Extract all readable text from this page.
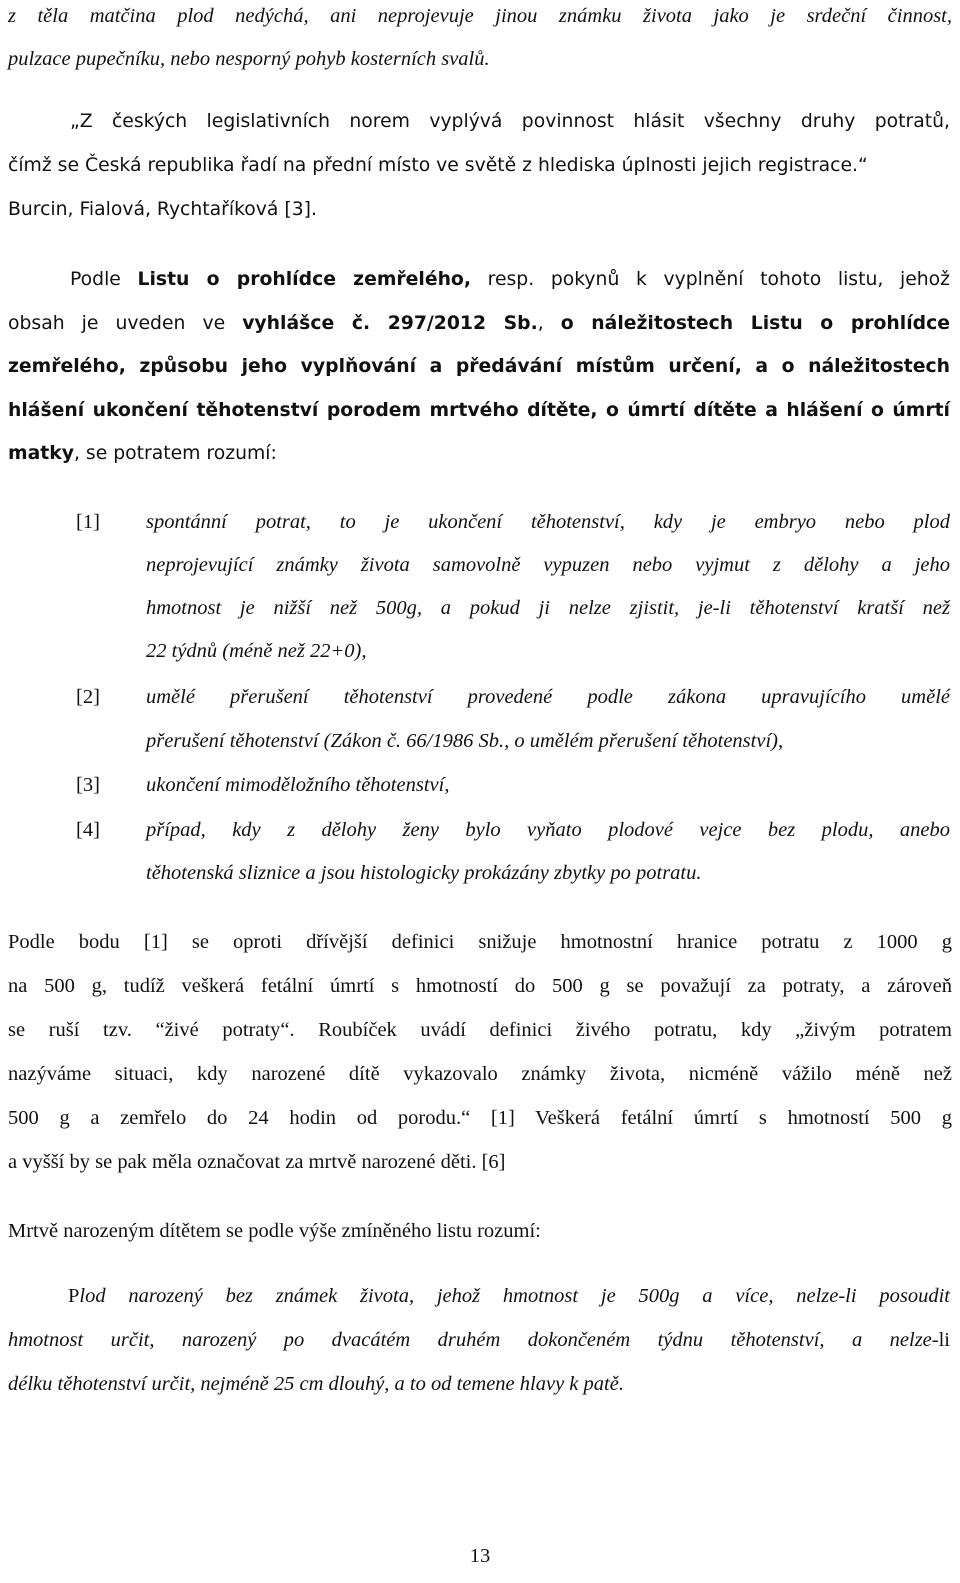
z těla matčina plod nedýchá, ani neprojevuje jinou známku života jako je srdeční činnost,
pulzace pupečníku, nebo nesporný pohyb kosterních svalů.
„Z českých legislativních norem vyplývá povinnost hlásit všechny druhy potratů,
čímž se Česká republika řadí na přední místo ve světě z hlediska úplnosti jejich registrace.“
Burcin, Fialová, Rychtaříková [3].
Podle Listu o prohlídce zemřelého, resp. pokynů k vyplnění tohoto listu, jehož
obsah je uveden ve vyhlášce č. 297/2012 Sb., o náležitostech Listu o prohlídce
zemřelého, způsobu jeho vyplňování a předávání místům určení, a o náležitostech
hlášení ukončení těhotenství porodem mrtvého dítěte, o úmrtí dítěte a hlášení o úmrtí
matky, se potratem rozumí:
[1] spontánní potrat, to je ukončení těhotenství, kdy je embryo nebo plod
neprojevující známky života samovolně vypuzen nebo vyjmut z dělohy a jeho
hmotnost je nižší než 500g, a pokud ji nelze zjistit, je-li těhotenství kratší než
22 týdnů (méně než 22+0),
[2] umělé přerušení těhotenství provedené podle zákona upravujícího umělé
přerušení těhotenství (Zákon č. 66/1986 Sb., o umělém přerušení těhotenství),
[3] ukončení mimoděložního těhotenství,
[4] případ, kdy z dělohy ženy bylo vyňato plodové vejce bez plodu, anebo
těhotenská sliznice a jsou histologicky prokázány zbytky po potratu.
Podle bodu [1] se oproti dřívější definici snižuje hmotnostní hranice potratu z 1000 g
na 500 g, tudíž veškerá fetální úmrtí s hmotností do 500 g se považují za potraty, a zároveň
se ruší tzv. “živé potraty“. Roubíček uvádí definici živého potratu, kdy „živým potratem
nazýváme situaci, kdy narozené dítě vykazovalo známky života, nicméně vážilo méně než
500 g a zemřelo do 24 hodin od porodu.“ [1] Veškerá fetální úmrtí s hmotností 500 g
a vyšší by se pak měla označovat za mrtvě narozené děti. [6]
Mrtvě narozeným dítětem se podle výše zmíněného listu rozumí:
Plod narozený bez známek života, jehož hmotnost je 500g a více, nelze-li posoudit
hmotnost určit, narozený po dvacátém druhém dokončeném týdnu těhotenství, a nelze-li
délku těhotenství určit, nejméně 25 cm dlouhý, a to od temene hlavy k patě.
13
